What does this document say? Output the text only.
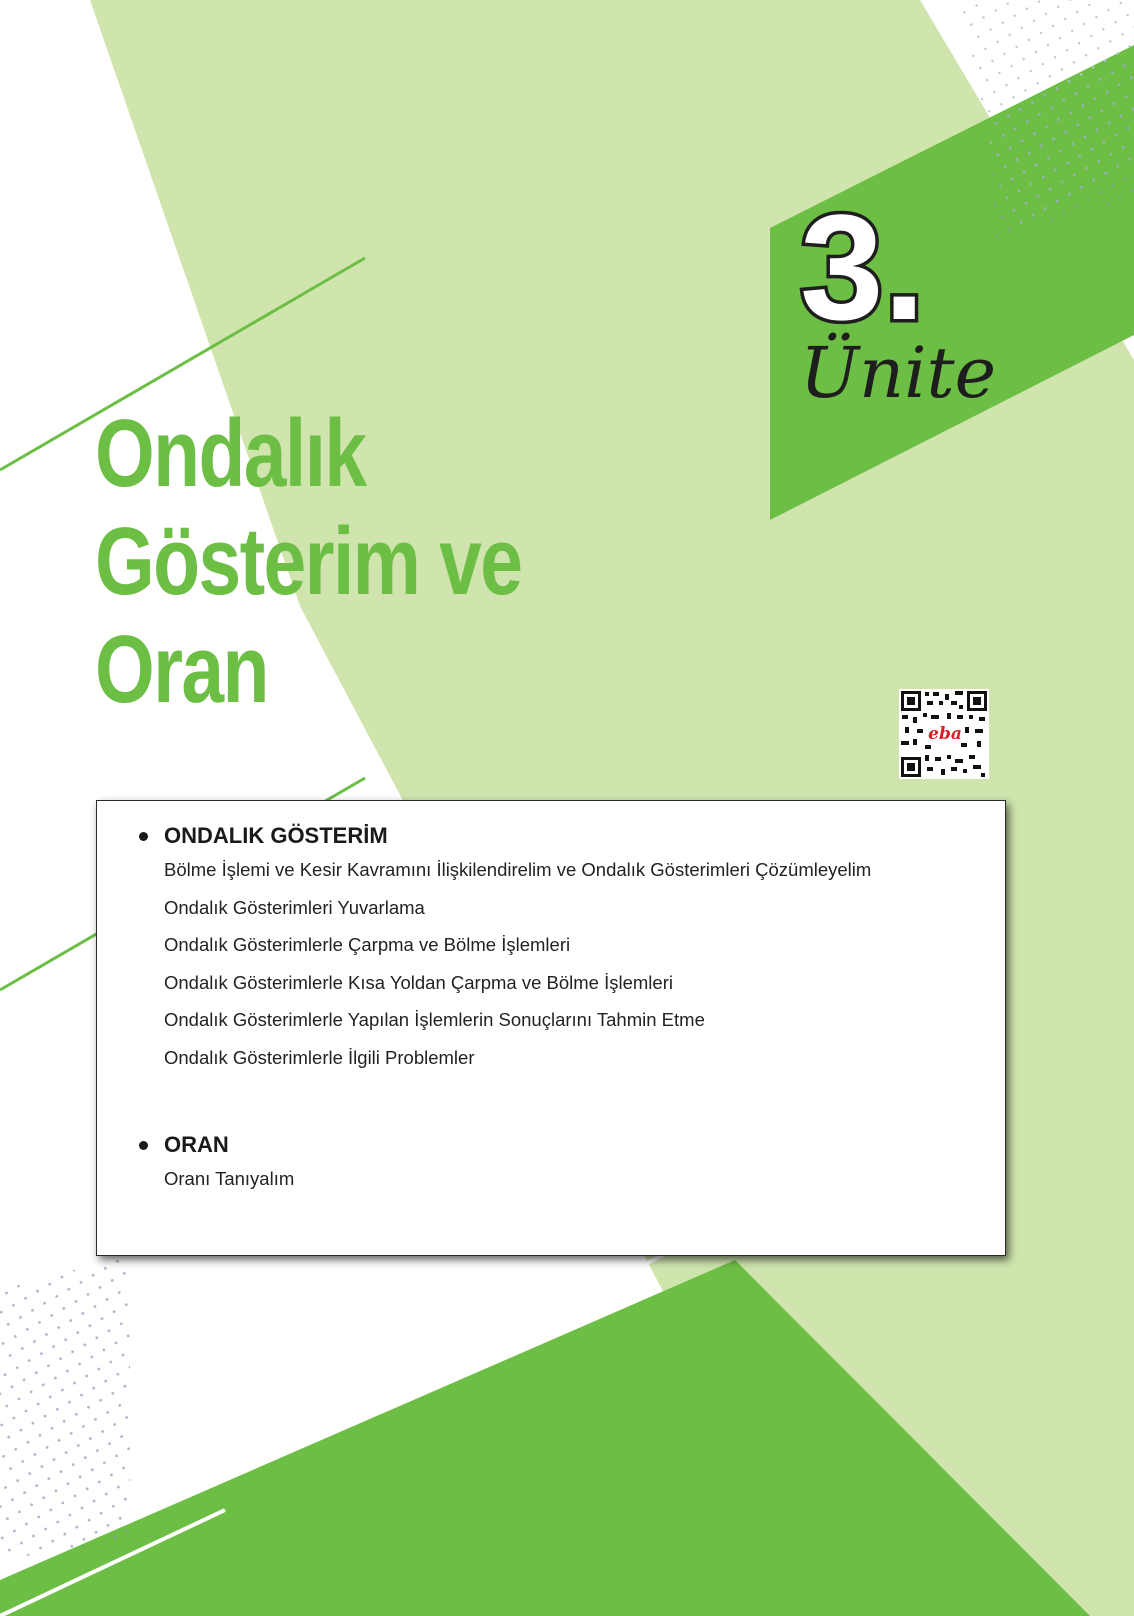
3.
Ünite
Ondalık
Gösterim ve
Oran
eba
ONDALIK GÖSTERİM
Bölme İşlemi ve Kesir Kavramını İlişkilendirelim ve Ondalık Gösterimleri Çözümleyelim
Ondalık Gösterimleri Yuvarlama
Ondalık Gösterimlerle Çarpma ve Bölme İşlemleri
Ondalık Gösterimlerle Kısa Yoldan Çarpma ve Bölme İşlemleri
Ondalık Gösterimlerle Yapılan İşlemlerin Sonuçlarını Tahmin Etme
Ondalık Gösterimlerle İlgili Problemler
ORAN
Oranı Tanıyalım
